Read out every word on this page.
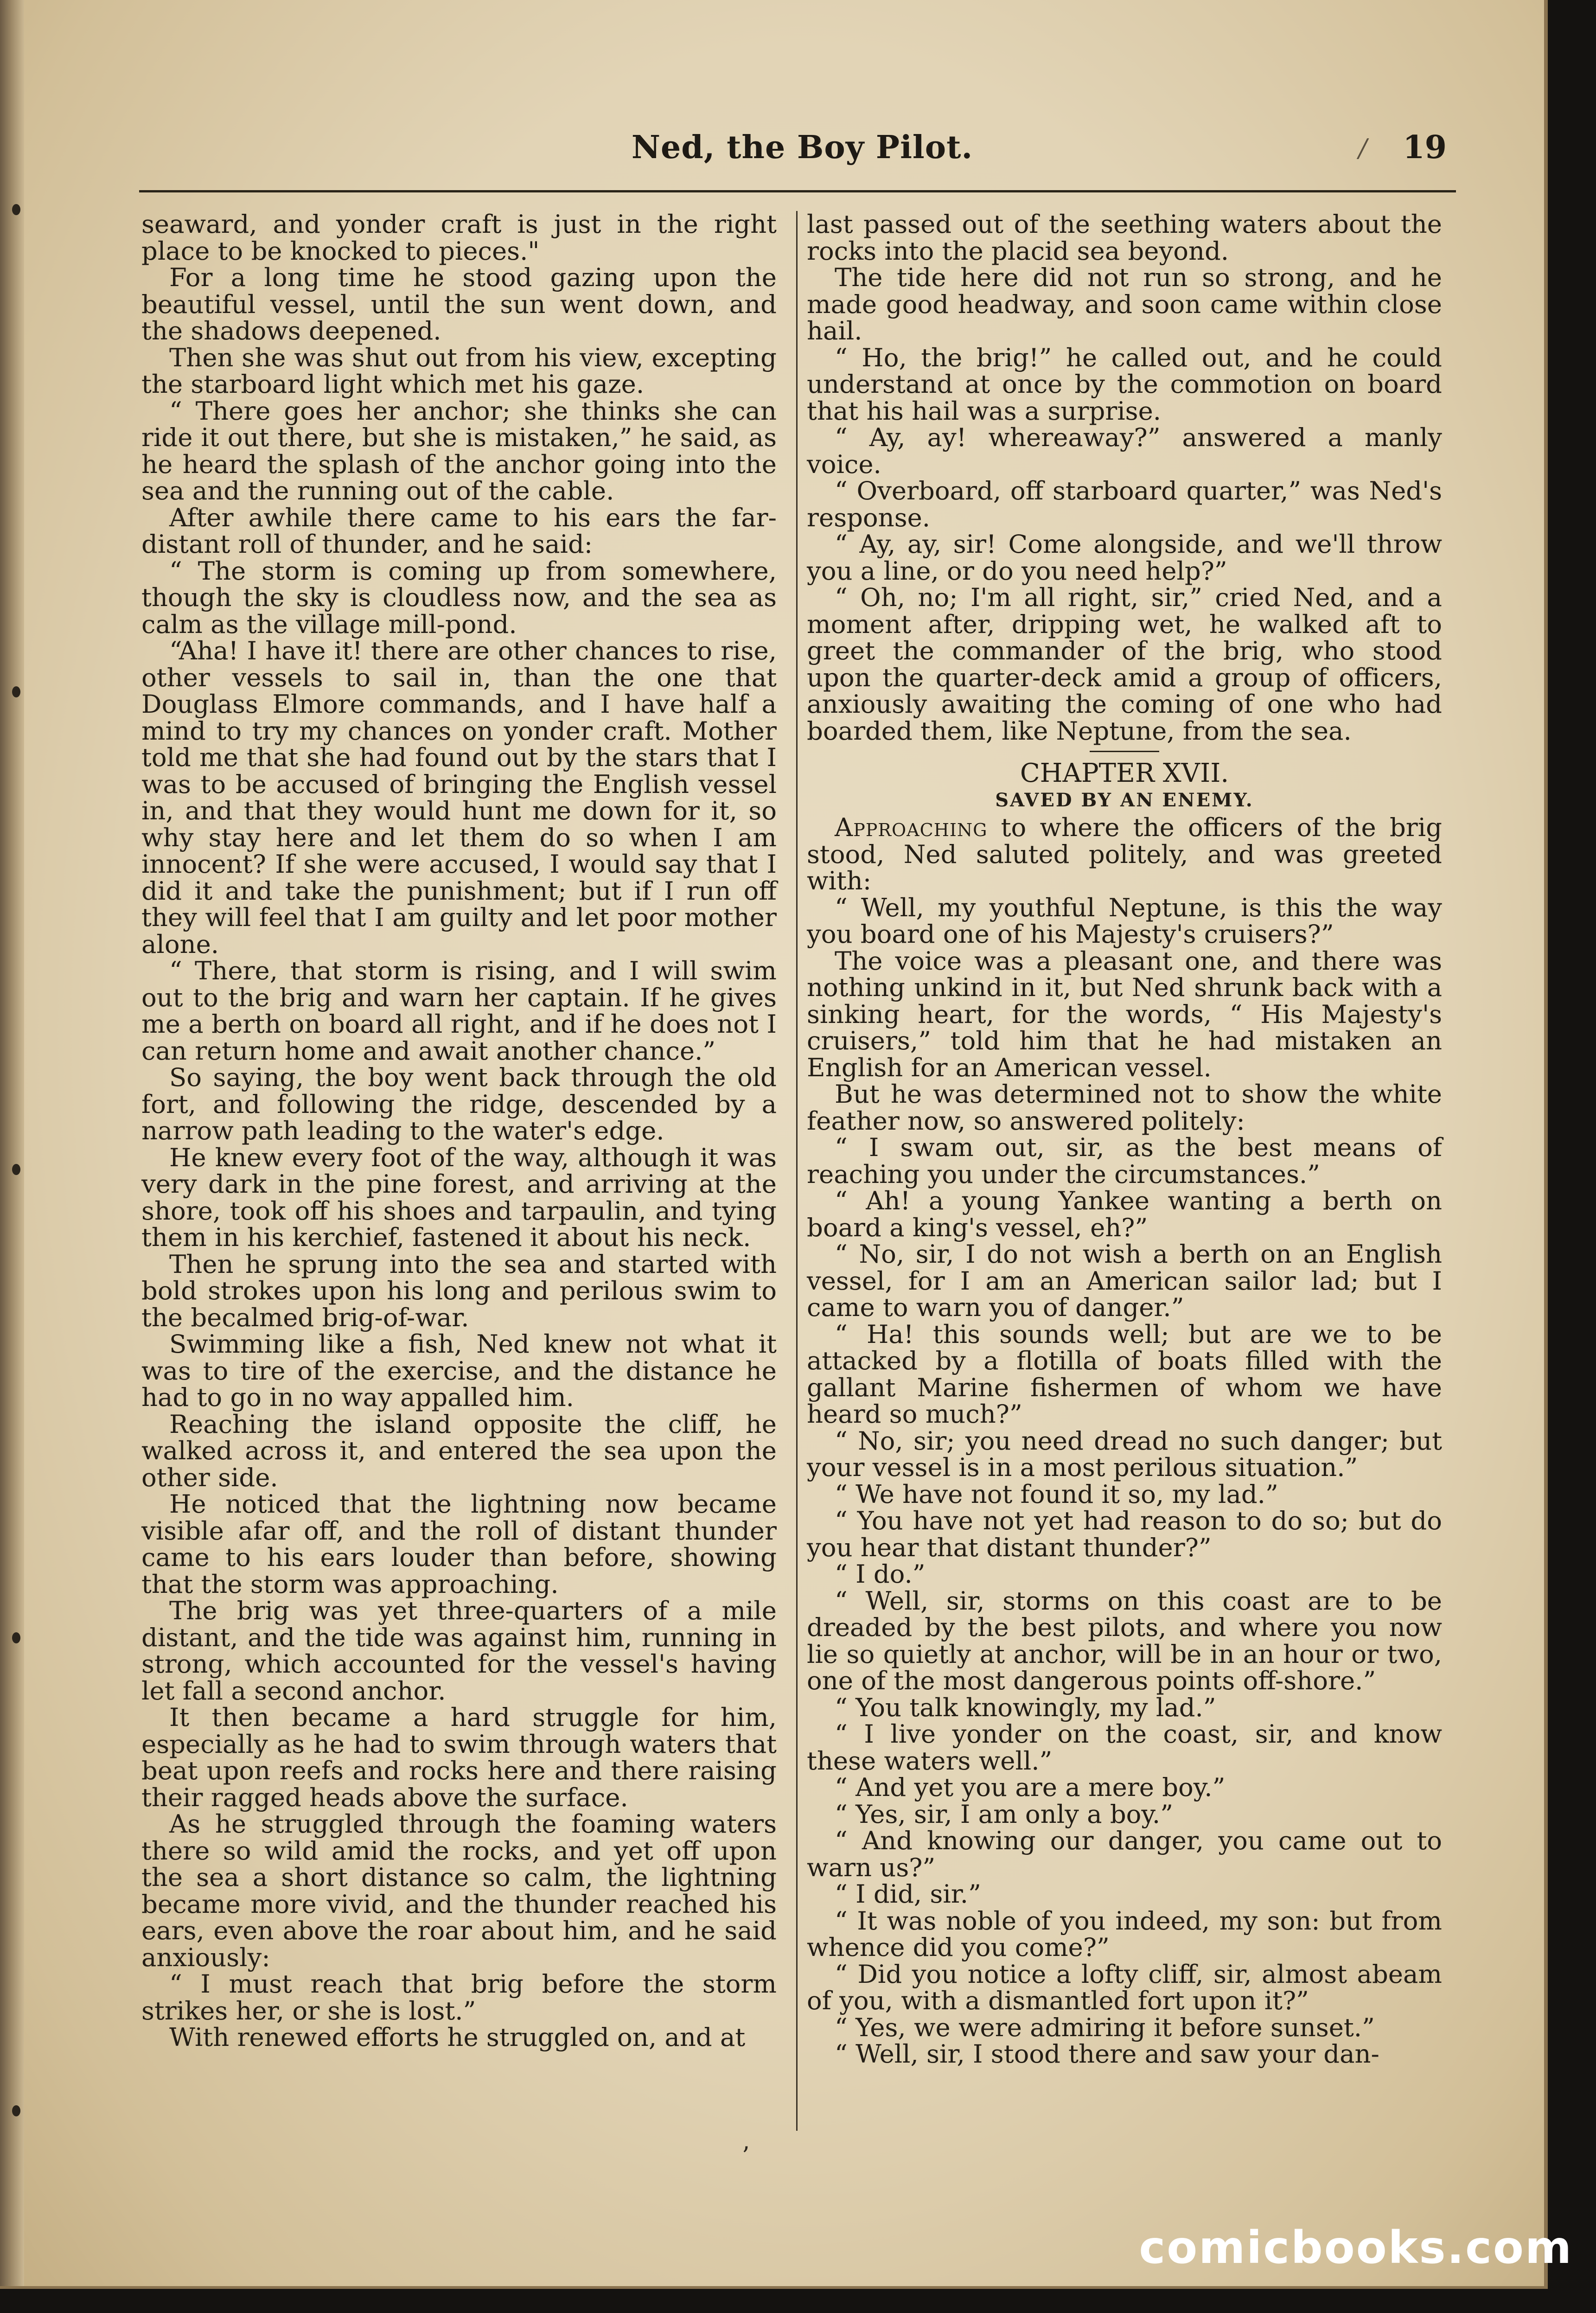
Ned, the Boy Pilot.	/	19

seaward, and yonder craft is just in the right place to be knocked to pieces."

For a long time he stood gazing upon the beautiful vessel, until the sun went down, and the shadows deepened.

Then she was shut out from his view, excepting the starboard light which met his gaze.

“ There goes her anchor; she thinks she can ride it out there, but she is mistaken,” he said, as he heard the splash of the anchor going into the sea and the running out of the cable.

After awhile there came to his ears the far-distant roll of thunder, and he said:

“ The storm is coming up from somewhere, though the sky is cloudless now, and the sea as calm as the village mill-pond.

“Aha! I have it! there are other chances to rise, other vessels to sail in, than the one that Douglass Elmore commands, and I have half a mind to try my chances on yonder craft. Mother told me that she had found out by the stars that I was to be accused of bringing the English vessel in, and that they would hunt me down for it, so why stay here and let them do so when I am innocent? If she were accused, I would say that I did it and take the punishment; but if I run off they will feel that I am guilty and let poor mother alone.

“ There, that storm is rising, and I will swim out to the brig and warn her captain. If he gives me a berth on board all right, and if he does not I can return home and await another chance.”

So saying, the boy went back through the old fort, and following the ridge, descended by a narrow path leading to the water's edge.

He knew every foot of the way, although it was very dark in the pine forest, and arriving at the shore, took off his shoes and tarpaulin, and tying them in his kerchief, fastened it about his neck.

Then he sprung into the sea and started with bold strokes upon his long and perilous swim to the becalmed brig-of-war.

Swimming like a fish, Ned knew not what it was to tire of the exercise, and the distance he had to go in no way appalled him.

Reaching the island opposite the cliff, he walked across it, and entered the sea upon the other side.

He noticed that the lightning now became visible afar off, and the roll of distant thunder came to his ears louder than before, showing that the storm was approaching.

The brig was yet three-quarters of a mile distant, and the tide was against him, running in strong, which accounted for the vessel's having let fall a second anchor.

It then became a hard struggle for him, especially as he had to swim through waters that beat upon reefs and rocks here and there raising their ragged heads above the surface.

As he struggled through the foaming waters there so wild amid the rocks, and yet off upon the sea a short distance so calm, the lightning became more vivid, and the thunder reached his ears, even above the roar about him, and he said anxiously:

“ I must reach that brig before the storm strikes her, or she is lost.”

With renewed efforts he struggled on, and at

last passed out of the seething waters about the rocks into the placid sea beyond.

The tide here did not run so strong, and he made good headway, and soon came within close hail.

“ Ho, the brig!” he called out, and he could understand at once by the commotion on board that his hail was a surprise.

“ Ay, ay! whereaway?” answered a manly voice.

“ Overboard, off starboard quarter,” was Ned's response.

“ Ay, ay, sir! Come alongside, and we'll throw you a line, or do you need help?”

“ Oh, no; I'm all right, sir,” cried Ned, and a moment after, dripping wet, he walked aft to greet the commander of the brig, who stood upon the quarter-deck amid a group of officers, anxiously awaiting the coming of one who had boarded them, like Neptune, from the sea.

CHAPTER XVII.

SAVED BY AN ENEMY.

Approaching to where the officers of the brig stood, Ned saluted politely, and was greeted with:

“ Well, my youthful Neptune, is this the way you board one of his Majesty's cruisers?”

The voice was a pleasant one, and there was nothing unkind in it, but Ned shrunk back with a sinking heart, for the words, “ His Majesty's cruisers,” told him that he had mistaken an English for an American vessel.

But he was determined not to show the white feather now, so answered politely:

“ I swam out, sir, as the best means of reaching you under the circumstances.”

“ Ah! a young Yankee wanting a berth on board a king's vessel, eh?”

“ No, sir, I do not wish a berth on an English vessel, for I am an American sailor lad; but I came to warn you of danger.”

“ Ha! this sounds well; but are we to be attacked by a flotilla of boats filled with the gallant Marine fishermen of whom we have heard so much?”

“ No, sir; you need dread no such danger; but your vessel is in a most perilous situation.”

“ We have not found it so, my lad.”

“ You have not yet had reason to do so; but do you hear that distant thunder?”

“ I do.”

“ Well, sir, storms on this coast are to be dreaded by the best pilots, and where you now lie so quietly at anchor, will be in an hour or two, one of the most dangerous points off-shore.”

“ You talk knowingly, my lad.”

“ I live yonder on the coast, sir, and know these waters well.”

“ And yet you are a mere boy.”

“ Yes, sir, I am only a boy.”

“ And knowing our danger, you came out to warn us?”

“ I did, sir.”

“ It was noble of you indeed, my son: but from whence did you come?”

“ Did you notice a lofty cliff, sir, almost abeam of you, with a dismantled fort upon it?”

“ Yes, we were admiring it before sunset.”

“ Well, sir, I stood there and saw your dan-

’
comicbooks.com
